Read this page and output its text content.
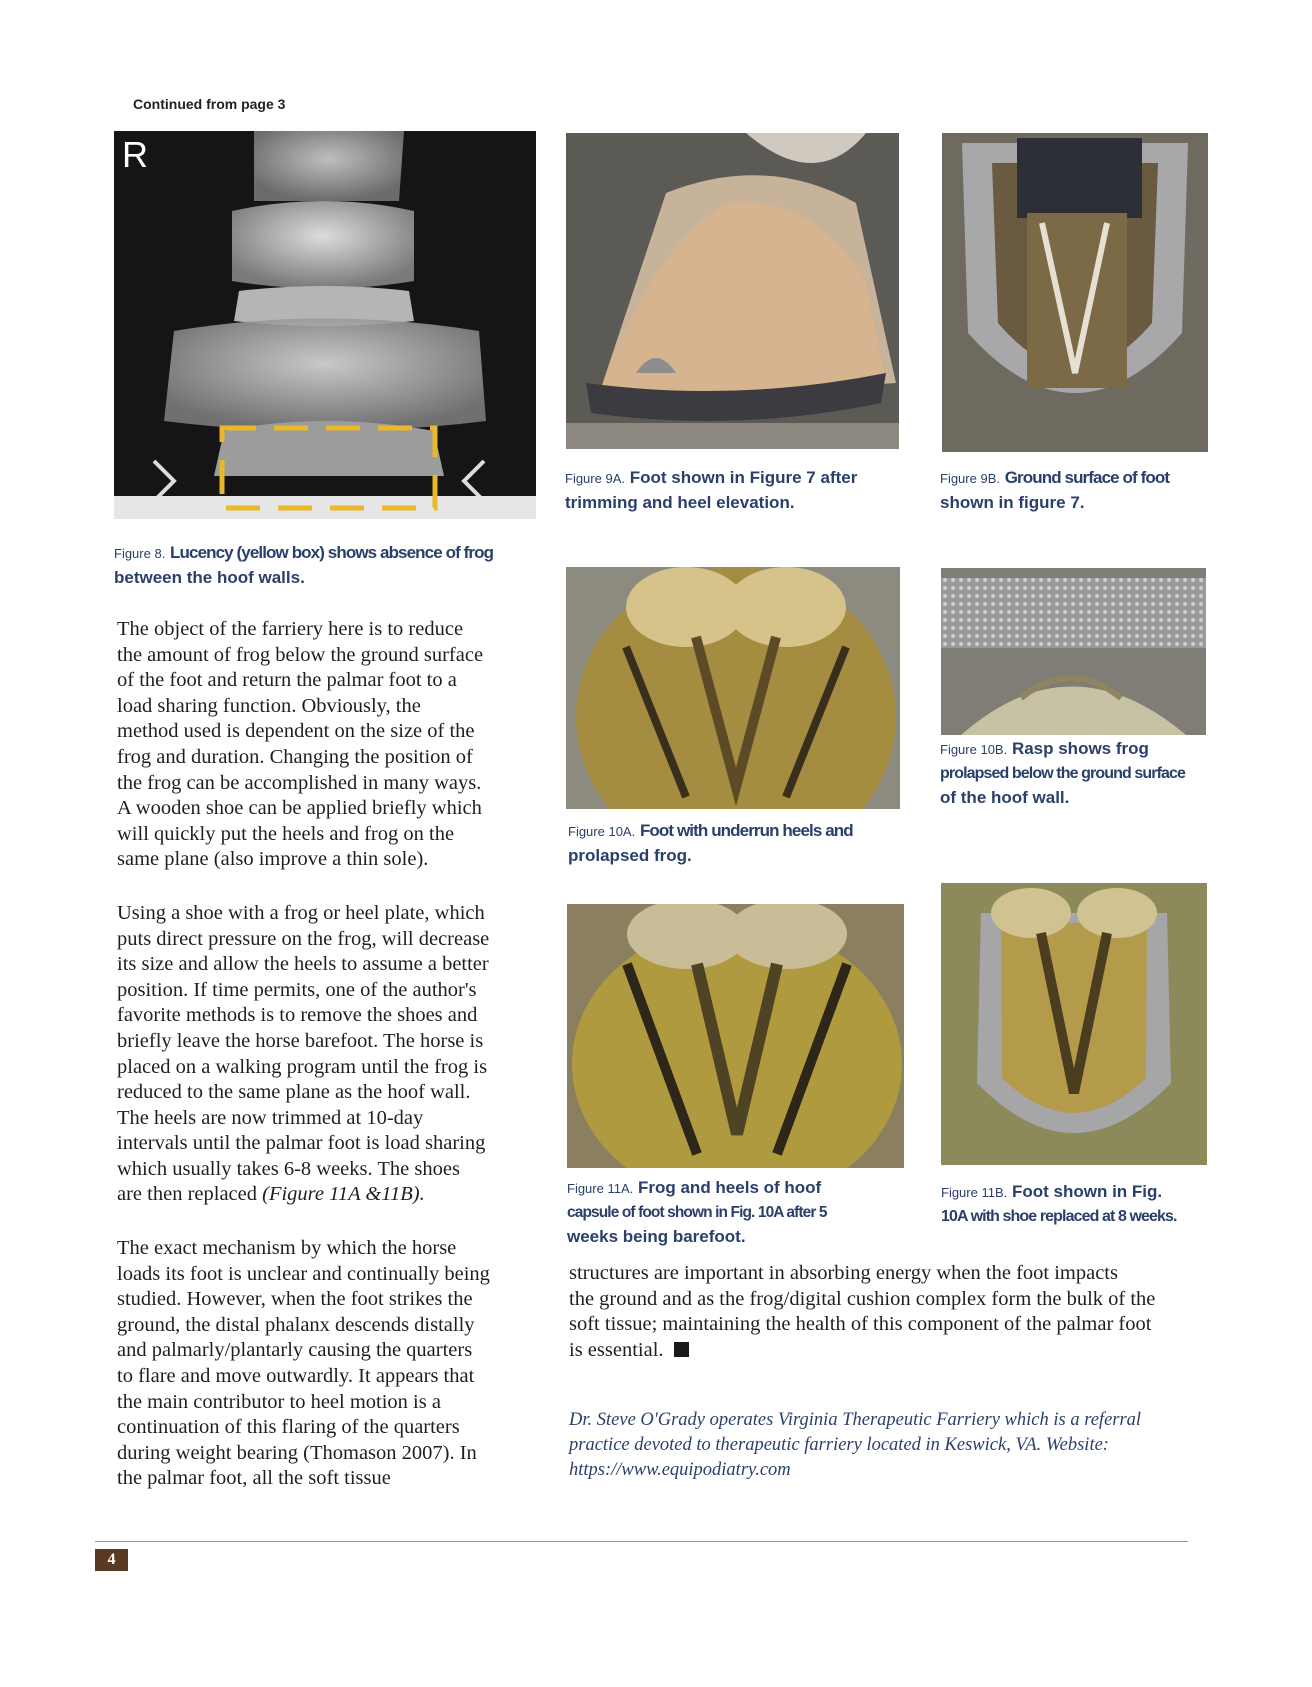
Continued from page 3
R
Figure 8. Lucency (yellow box) shows absence of frog
between the hoof walls.
Figure 9A. Foot shown in Figure 7 after
trimming and heel elevation.
Figure 9B. Ground surface of foot
shown in figure 7.
Figure 10A. Foot with underrun heels and
prolapsed frog.
Figure 10B. Rasp shows frog
prolapsed below the ground surface
of the hoof wall.
Figure 11A. Frog and heels of hoof
capsule of foot shown in Fig. 10A after 5
weeks being barefoot.
Figure 11B. Foot shown in Fig.
10A with shoe replaced at 8 weeks.

The object of the farriery here is to reduce

the amount of frog below the ground surface

of the foot and return the palmar foot to a

load sharing function. Obviously, the

method used is dependent on the size of the

frog and duration. Changing the position of

the frog can be accomplished in many ways.

A wooden shoe can be applied briefly which

will quickly put the heels and frog on the

same plane (also improve a thin sole).

Using a shoe with a frog or heel plate, which

puts direct pressure on the frog, will decrease

its size and allow the heels to assume a better

position. If time permits, one of the author's

favorite methods is to remove the shoes and

briefly leave the horse barefoot. The horse is

placed on a walking program until the frog is

reduced to the same plane as the hoof wall.

The heels are now trimmed at 10-day

intervals until the palmar foot is load sharing

which usually takes 6-8 weeks. The shoes

are then replaced (Figure 11A &11B).

The exact mechanism by which the horse

loads its foot is unclear and continually being

studied. However, when the foot strikes the

ground, the distal phalanx descends distally

and palmarly/plantarly causing the quarters

to flare and move outwardly. It appears that

the main contributor to heel motion is a

continuation of this flaring of the quarters

during weight bearing (Thomason 2007). In

the palmar foot, all the soft tissue

structures are important in absorbing energy when the foot impacts

the ground and as the frog/digital cushion complex form the bulk of the

soft tissue; maintaining the health of this component of the palmar foot

is essential.

Dr. Steve O'Grady operates Virginia Therapeutic Farriery which is a referral
practice devoted to therapeutic farriery located in Keswick, VA. Website:
https://www.equipodiatry.com
4
